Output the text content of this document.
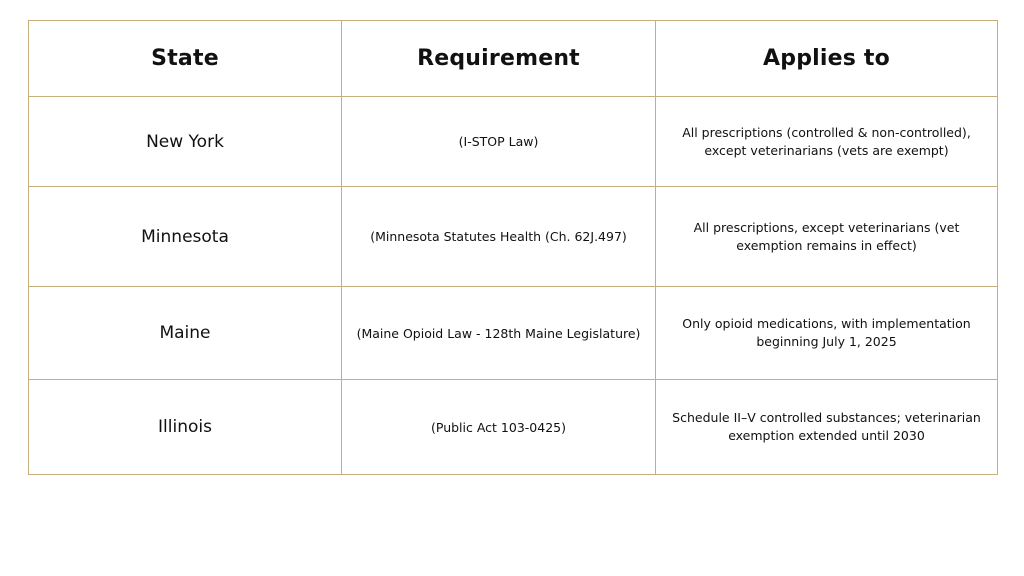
State	Requirement	Applies to
New York	(I-STOP Law)	All prescriptions (controlled & non-controlled), except veterinarians (vets are exempt)
Minnesota	(Minnesota Statutes Health (Ch. 62J.497)	All prescriptions, except veterinarians (vet exemption remains in effect)
Maine	(Maine Opioid Law - 128th Maine Legislature)	Only opioid medications, with implementation beginning July 1, 2025
Illinois	(Public Act 103-0425)	Schedule II–V controlled substances; veterinarian exemption extended until 2030
